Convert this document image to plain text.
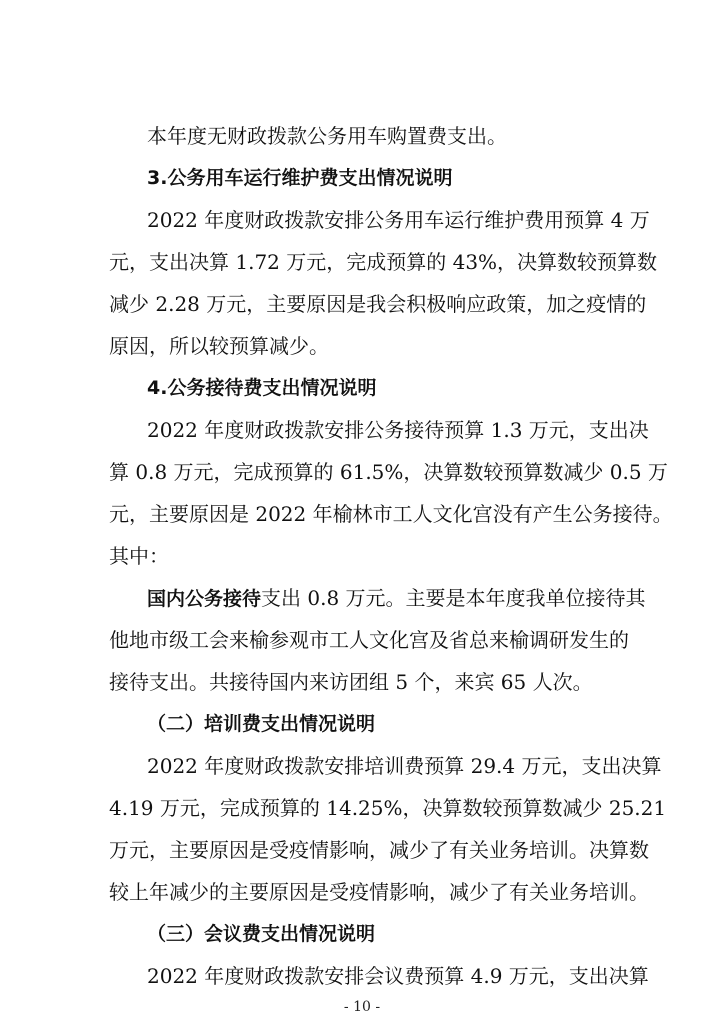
本年度无财政拨款公务用车购置费支出。
3.公务用车运行维护费支出情况说明
2022 年度财政拨款安排公务用车运行维护费用预算 4 万
元，支出决算 1.72 万元，完成预算的 43%，决算数较预算数
减少 2.28 万元，主要原因是我会积极响应政策，加之疫情的
原因，所以较预算减少。
4.公务接待费支出情况说明
2022 年度财政拨款安排公务接待预算 1.3 万元，支出决
算 0.8 万元，完成预算的 61.5%，决算数较预算数减少 0.5 万
元，主要原因是 2022 年榆林市工人文化宫没有产生公务接待。
其中：
国内公务接待支出 0.8 万元。主要是本年度我单位接待其
他地市级工会来榆参观市工人文化宫及省总来榆调研发生的
接待支出。共接待国内来访团组 5 个，来宾 65 人次。
（二）培训费支出情况说明
2022 年度财政拨款安排培训费预算 29.4 万元，支出决算
4.19 万元，完成预算的 14.25%，决算数较预算数减少 25.21
万元，主要原因是受疫情影响，减少了有关业务培训。决算数
较上年减少的主要原因是受疫情影响，减少了有关业务培训。
（三）会议费支出情况说明
2022 年度财政拨款安排会议费预算 4.9 万元，支出决算
- 10 -
